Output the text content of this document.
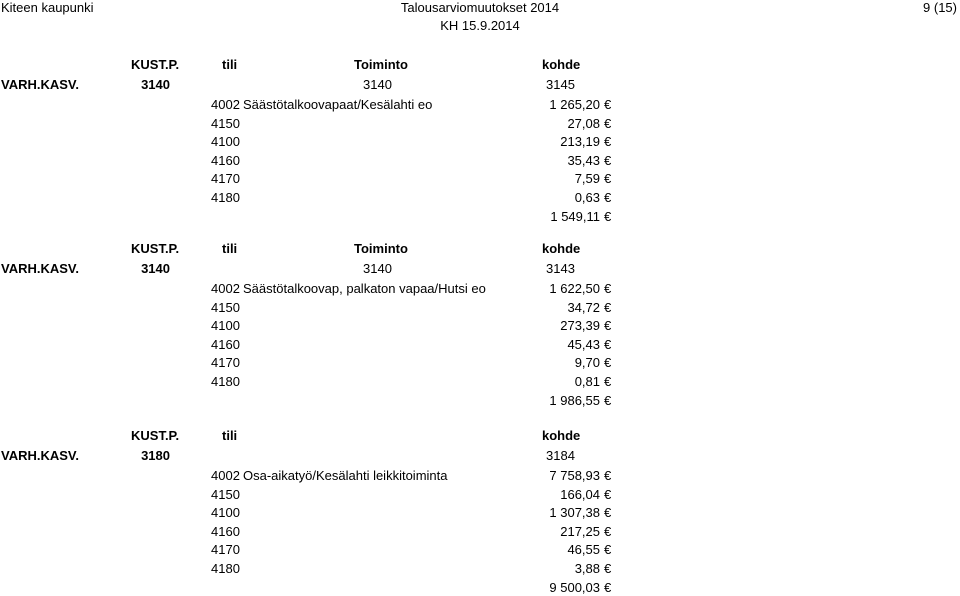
Kiteen kaupunki	Talousarviomuutokset 2014
KH 15.9.2014
9 (15)
KUST.P.	tili	Toiminto	kohde
VARH.KASV.	3140	3140	3145
4002 Säästötalkoovapaat/Kesälahti eo	1 265,20 €
4150	27,08 €
4100	213,19 €
4160	35,43 €
4170	7,59 €
4180	0,63 €
1 549,11 €
KUST.P.	tili	Toiminto	kohde
VARH.KASV.	3140	3140	3143
4002 Säästötalkoovap, palkaton vapaa/Hutsi eo	1 622,50 €
4150	34,72 €
4100	273,39 €
4160	45,43 €
4170	9,70 €
4180	0,81 €
1 986,55 €
KUST.P.	tili	kohde
VARH.KASV.	3180	3184
4002 Osa-aikatyö/Kesälahti leikkitoiminta	7 758,93 €
4150	166,04 €
4100	1 307,38 €
4160	217,25 €
4170	46,55 €
4180	3,88 €
9 500,03 €
